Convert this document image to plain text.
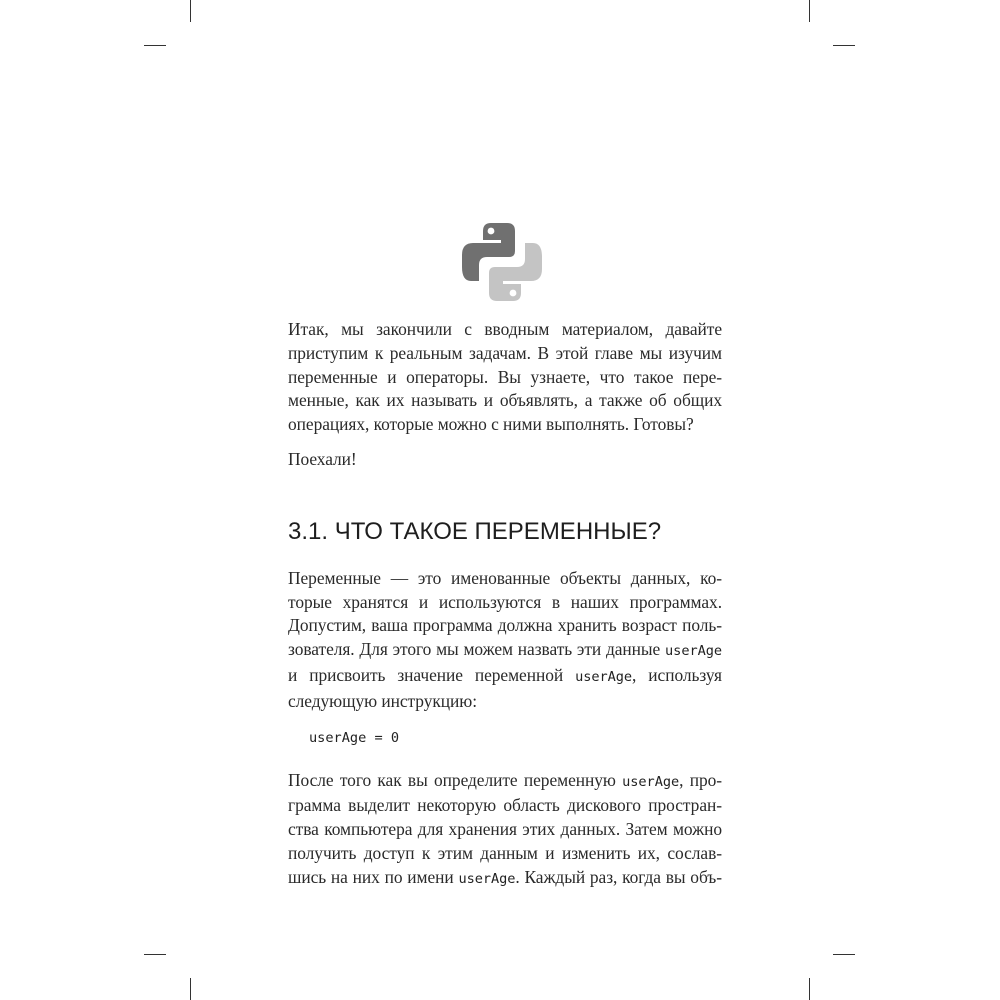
Итак, мы закончили с вводным материалом, давайте
приступим к реальным задачам. В этой главе мы изучим
переменные и операторы. Вы узнаете, что такое пере-
менные, как их называть и объявлять, а также об общих
операциях, которые можно с ними выполнять. Готовы?

Поехали!

3.1. ЧТО ТАКОЕ ПЕРЕМЕННЫЕ?

Переменные — это именованные объекты данных, ко-
торые хранятся и используются в наших программах.
Допустим, ваша программа должна хранить возраст поль-
зователя. Для этого мы можем назвать эти данные userAge
и присвоить значение переменной userAge, используя
следующую инструкцию:

userAge = 0

После того как вы определите переменную userAge, про-
грамма выделит некоторую область дискового простран-
ства компьютера для хранения этих данных. Затем можно
получить доступ к этим данным и изменить их, сослав-
шись на них по имени userAge. Каждый раз, когда вы объ-
